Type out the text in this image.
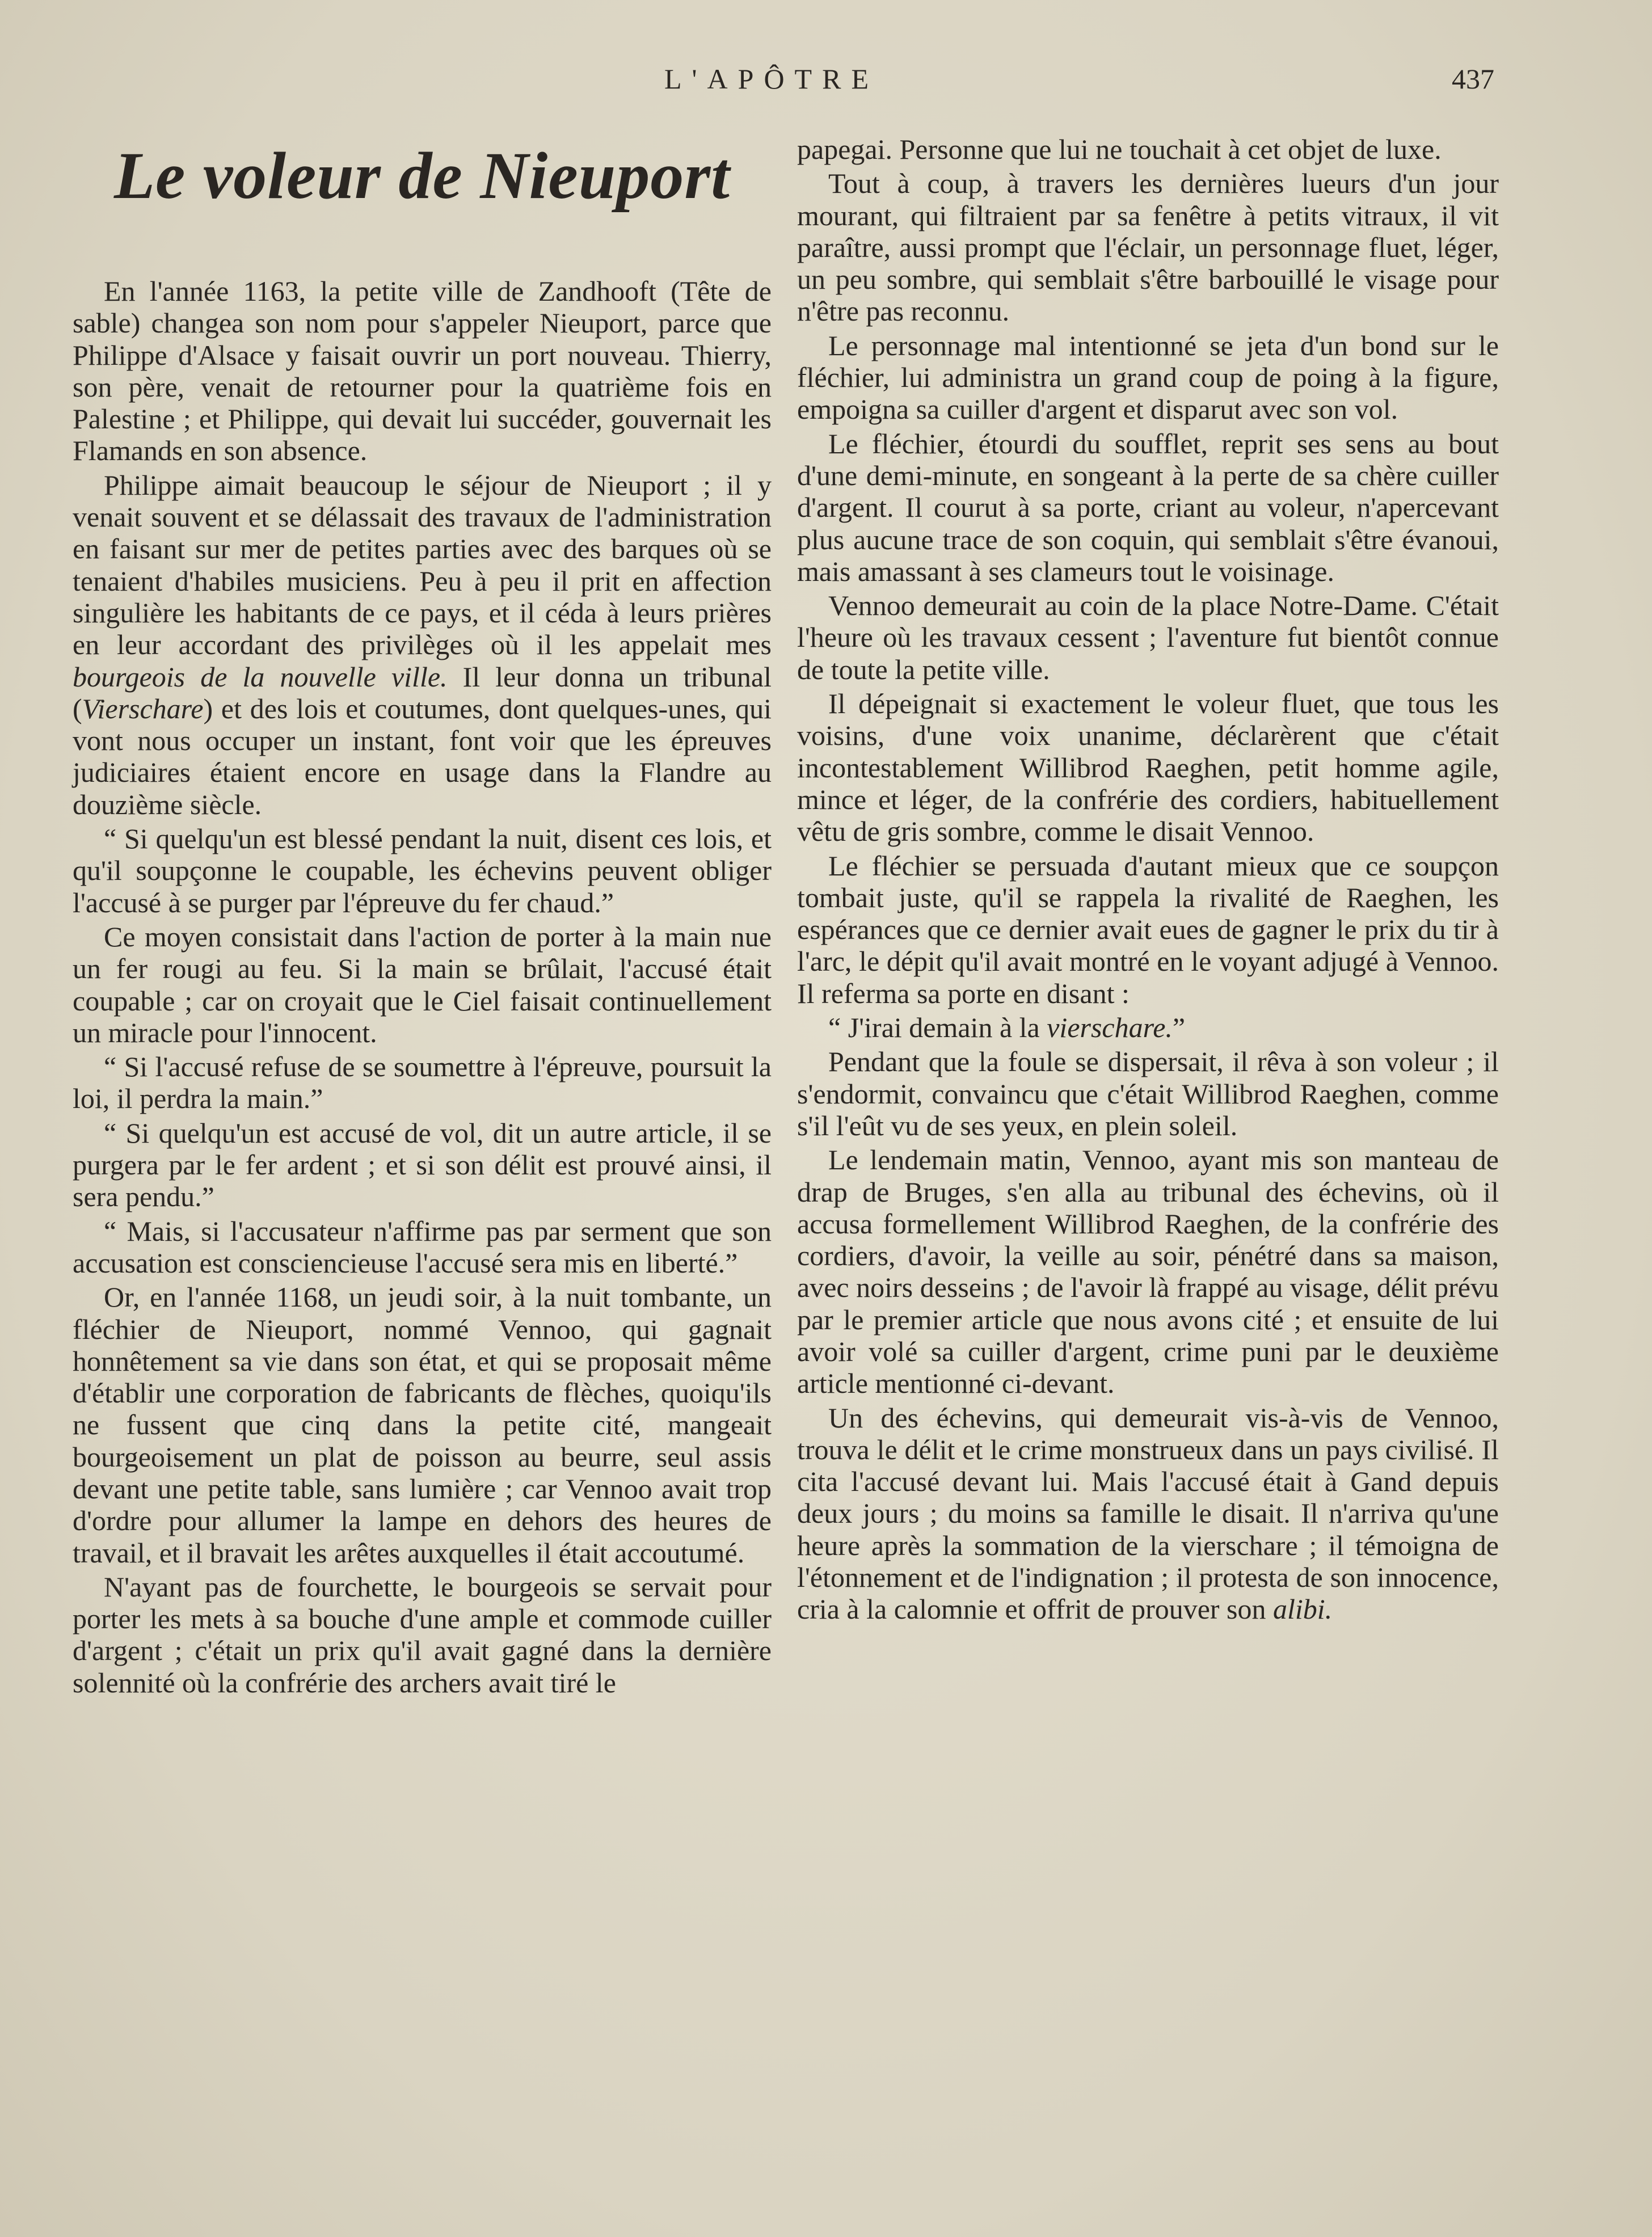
L'APÔTRE	437
Le voleur de Nieuport

En l'année 1163, la petite ville de Zandhooft (Tête de sable) changea son nom pour s'appeler Nieuport, parce que Philippe d'Alsace y faisait ouvrir un port nouveau. Thierry, son père, venait de retourner pour la quatrième fois en Palestine ; et Philippe, qui devait lui succéder, gouvernait les Flamands en son absence.

Philippe aimait beaucoup le séjour de Nieuport ; il y venait souvent et se délassait des travaux de l'administration en faisant sur mer de petites parties avec des barques où se tenaient d'habiles musiciens. Peu à peu il prit en affection singulière les habitants de ce pays, et il céda à leurs prières en leur accordant des privilèges où il les appelait mes bourgeois de la nouvelle ville. Il leur donna un tribunal (Vierschare) et des lois et coutumes, dont quelques-unes, qui vont nous occuper un instant, font voir que les épreuves judiciaires étaient encore en usage dans la Flandre au douzième siècle.

“ Si quelqu'un est blessé pendant la nuit, disent ces lois, et qu'il soupçonne le coupable, les échevins peuvent obliger l'accusé à se purger par l'épreuve du fer chaud.”

Ce moyen consistait dans l'action de porter à la main nue un fer rougi au feu. Si la main se brûlait, l'accusé était coupable ; car on croyait que le Ciel faisait continuellement un miracle pour l'innocent.

“ Si l'accusé refuse de se soumettre à l'épreuve, poursuit la loi, il perdra la main.”

“ Si quelqu'un est accusé de vol, dit un autre article, il se purgera par le fer ardent ; et si son délit est prouvé ainsi, il sera pendu.”

“ Mais, si l'accusateur n'affirme pas par serment que son accusation est consciencieuse l'accusé sera mis en liberté.”

Or, en l'année 1168, un jeudi soir, à la nuit tombante, un fléchier de Nieuport, nommé Vennoo, qui gagnait honnêtement sa vie dans son état, et qui se proposait même d'établir une corporation de fabricants de flèches, quoiqu'ils ne fussent que cinq dans la petite cité, mangeait bourgeoisement un plat de poisson au beurre, seul assis devant une petite table, sans lumière ; car Vennoo avait trop d'ordre pour allumer la lampe en dehors des heures de travail, et il bravait les arêtes auxquelles il était accoutumé.

N'ayant pas de fourchette, le bourgeois se servait pour porter les mets à sa bouche d'une ample et commode cuiller d'argent ; c'était un prix qu'il avait gagné dans la dernière solennité où la confrérie des archers avait tiré le

papegai. Personne que lui ne touchait à cet objet de luxe.

Tout à coup, à travers les dernières lueurs d'un jour mourant, qui filtraient par sa fenêtre à petits vitraux, il vit paraître, aussi prompt que l'éclair, un personnage fluet, léger, un peu sombre, qui semblait s'être barbouillé le visage pour n'être pas reconnu.

Le personnage mal intentionné se jeta d'un bond sur le fléchier, lui administra un grand coup de poing à la figure, empoigna sa cuiller d'argent et disparut avec son vol.

Le fléchier, étourdi du soufflet, reprit ses sens au bout d'une demi-minute, en songeant à la perte de sa chère cuiller d'argent. Il courut à sa porte, criant au voleur, n'apercevant plus aucune trace de son coquin, qui semblait s'être évanoui, mais amassant à ses clameurs tout le voisinage.

Vennoo demeurait au coin de la place Notre-Dame. C'était l'heure où les travaux cessent ; l'aventure fut bientôt connue de toute la petite ville.

Il dépeignait si exactement le voleur fluet, que tous les voisins, d'une voix unanime, déclarèrent que c'était incontestablement Willibrod Raeghen, petit homme agile, mince et léger, de la confrérie des cordiers, habituellement vêtu de gris sombre, comme le disait Vennoo.

Le fléchier se persuada d'autant mieux que ce soupçon tombait juste, qu'il se rappela la rivalité de Raeghen, les espérances que ce dernier avait eues de gagner le prix du tir à l'arc, le dépit qu'il avait montré en le voyant adjugé à Vennoo. Il referma sa porte en disant :

“ J'irai demain à la vierschare.”

Pendant que la foule se dispersait, il rêva à son voleur ; il s'endormit, convaincu que c'était Willibrod Raeghen, comme s'il l'eût vu de ses yeux, en plein soleil.

Le lendemain matin, Vennoo, ayant mis son manteau de drap de Bruges, s'en alla au tribunal des échevins, où il accusa formellement Willibrod Raeghen, de la confrérie des cordiers, d'avoir, la veille au soir, pénétré dans sa maison, avec noirs desseins ; de l'avoir là frappé au visage, délit prévu par le premier article que nous avons cité ; et ensuite de lui avoir volé sa cuiller d'argent, crime puni par le deuxième article mentionné ci-devant.

Un des échevins, qui demeurait vis-à-vis de Vennoo, trouva le délit et le crime monstrueux dans un pays civilisé. Il cita l'accusé devant lui. Mais l'accusé était à Gand depuis deux jours ; du moins sa famille le disait. Il n'arriva qu'une heure après la sommation de la vierschare ; il témoigna de l'étonnement et de l'indignation ; il protesta de son innocence, cria à la calomnie et offrit de prouver son alibi.
